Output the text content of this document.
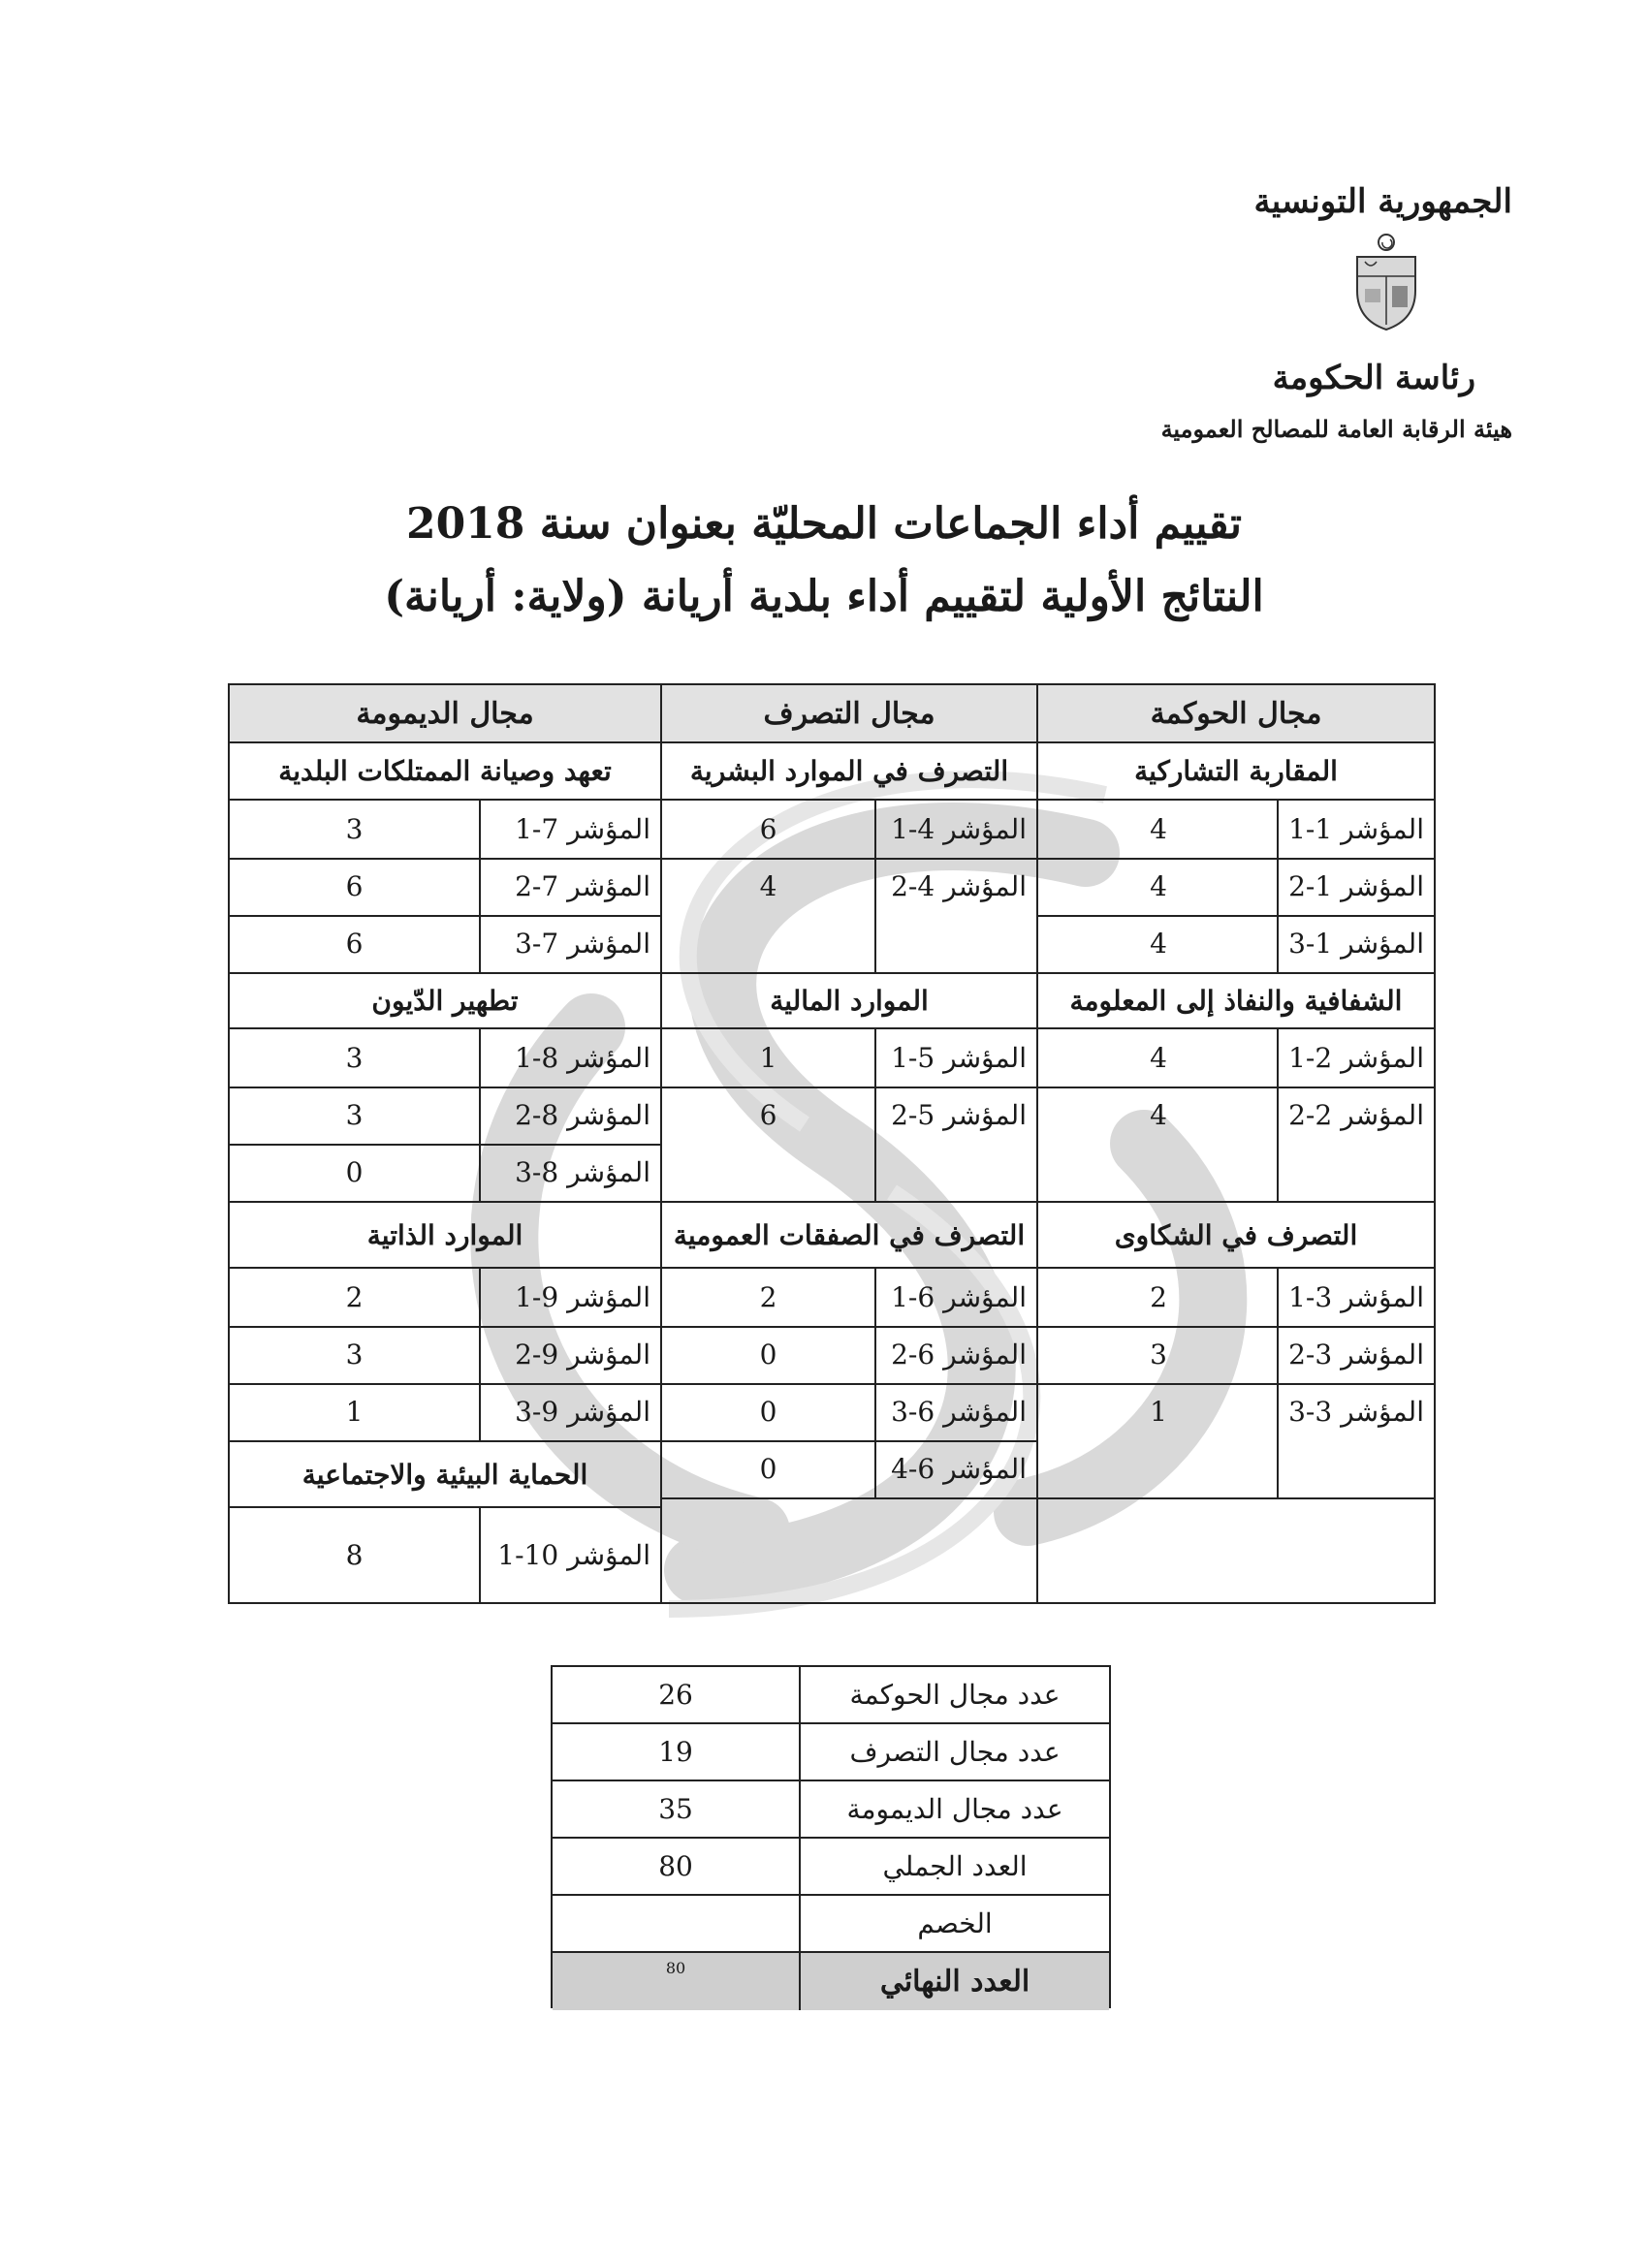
الجمهورية التونسية
رئاسة الحكومة
هيئة الرقابة العامة للمصالح العمومية
تقييم أداء الجماعات المحليّة بعنوان سنة 2018
النتائج الأولية لتقييم أداء بلدية أريانة (ولاية: أريانة)
مجال الحوكمة
المقاربة التشاركية
المؤشر 1-1
4
المؤشر 1-2
4
المؤشر 1-3
4
الشفافية والنفاذ إلى المعلومة
المؤشر 2-1
4
المؤشر 2-2
4
التصرف في الشكاوى
المؤشر 3-1
2
المؤشر 3-2
3
المؤشر 3-3
1
مجال التصرف
التصرف في الموارد البشرية
المؤشر 4-1
6
المؤشر 4-2
4
الموارد المالية
المؤشر 5-1
1
المؤشر 5-2
6
التصرف في الصفقات العمومية
المؤشر 6-1
2
المؤشر 6-2
0
المؤشر 6-3
0
المؤشر 6-4
0
مجال الديمومة
تعهد وصيانة الممتلكات البلدية
المؤشر 7-1
3
المؤشر 7-2
6
المؤشر 7-3
6
تطهير الدّيون
المؤشر 8-1
3
المؤشر 8-2
3
المؤشر 8-3
0
الموارد الذاتية
المؤشر 9-1
2
المؤشر 9-2
3
المؤشر 9-3
1
الحماية البيئية والاجتماعية
المؤشر 10-1
8
عدد مجال الحوكمة
26
عدد مجال التصرف
19
عدد مجال الديمومة
35
العدد الجملي
80
الخصم
العدد النهائي
80
